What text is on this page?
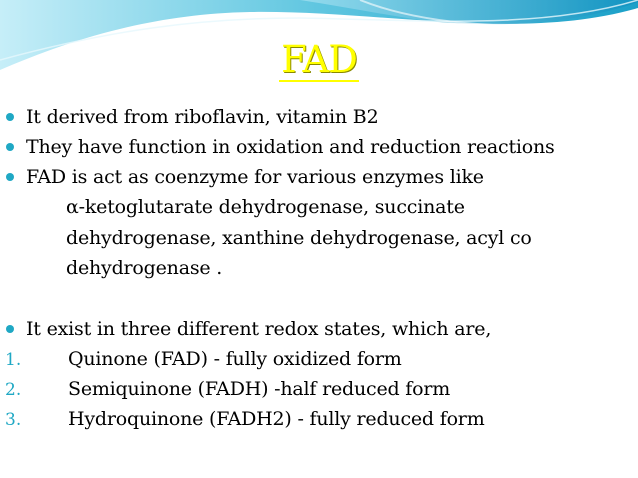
FAD
It derived from riboflavin, vitamin B2
They have function in oxidation and reduction reactions
FAD is act as coenzyme for various enzymes like
α-ketoglutarate dehydrogenase, succinate
dehydrogenase, xanthine dehydrogenase, acyl co
dehydrogenase .
It exist in three different redox states, which are,
1. Quinone (FAD) - fully oxidized form
2. Semiquinone (FADH) -half reduced form
3. Hydroquinone (FADH2) - fully reduced form
